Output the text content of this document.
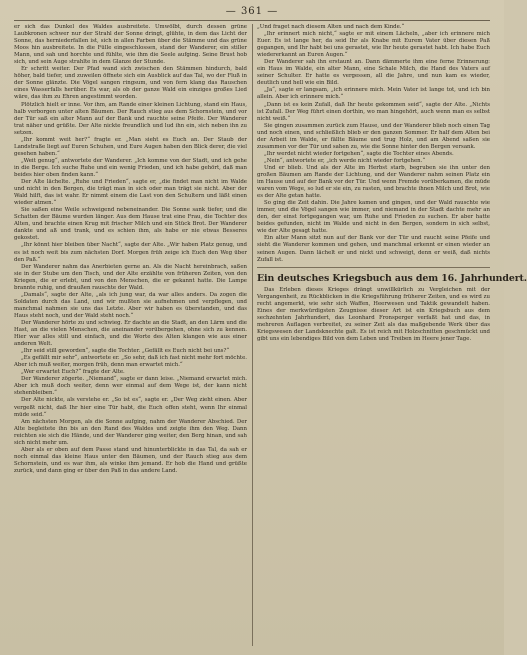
— 361 —

er sich das Dunkel des Waldes ausbreitete. Umwölbt, durch dessen grüne Laubkronen schwer nur der Strahl der Sonne dringt, glühte, in dem das Licht der Sonne, das herniederfallen ist, sich in allen Farben über die Stämme und das grüne Moos hin ausbreitete. In die Fülle eingeschlossen, stand der Wanderer, ein stiller Mann, und sah und horchte und fühlte, wie ihm die Seele aufging. Seine Brust hob sich, und sein Auge strahlte in dem Glanze der Stunde.

Er schritt weiter. Der Pfad wand sich zwischen den Stämmen hindurch, bald höher, bald tiefer, und zuweilen öffnete sich ein Ausblick auf das Tal, wo der Fluß in der Sonne glänzte. Die Vögel sangen ringsum, und von fern klang das Rauschen eines Wasserfalls herüber. Es war, als ob der ganze Wald ein einziges großes Lied wäre, das ihm zu Ehren angestimmt worden.

Plötzlich hielt er inne. Vor ihm, am Rande einer kleinen Lichtung, stand ein Haus, halb verborgen unter alten Bäumen. Der Rauch stieg aus dem Schornstein, und vor der Tür saß ein alter Mann auf der Bank und rauchte seine Pfeife. Der Wanderer trat näher und grüßte. Der Alte nickte freundlich und lud ihn ein, sich neben ihn zu setzen.

„Ihr kommt weit her?“ fragte er. „Man sieht es Euch an. Der Staub der Landstraße liegt auf Euren Schuhen, und Eure Augen haben den Blick derer, die viel gesehen haben.“

„Weit genug“, antwortete der Wanderer. „Ich komme von der Stadt, und ich gehe in die Berge. Ich suche Ruhe und ein wenig Frieden, und ich habe gehört, daß man beides hier oben finden kann.“

Der Alte lächelte. „Ruhe und Frieden“, sagte er, „die findet man nicht im Walde und nicht in den Bergen, die trägt man in sich oder man trägt sie nicht. Aber der Wald hilft, das ist wahr. Er nimmt einem die Last von den Schultern und läßt einen wieder atmen.“

Sie saßen eine Weile schweigend nebeneinander. Die Sonne sank tiefer, und die Schatten der Bäume wurden länger. Aus dem Hause trat eine Frau, die Tochter des Alten, und brachte einen Krug mit frischer Milch und ein Stück Brot. Der Wanderer dankte und aß und trank, und es schien ihm, als habe er nie etwas Besseres gekostet.

„Ihr könnt hier bleiben über Nacht“, sagte der Alte. „Wir haben Platz genug, und es ist noch weit bis zum nächsten Dorf. Morgen früh zeige ich Euch den Weg über den Paß.“

Der Wanderer nahm das Anerbieten gerne an. Als die Nacht hereinbrach, saßen sie in der Stube um den Tisch, und der Alte erzählte von früheren Zeiten, von den Kriegen, die er erlebt, und von den Menschen, die er gekannt hatte. Die Lampe brannte ruhig, und draußen rauschte der Wald.

„Damals“, sagte der Alte, „als ich jung war, da war alles anders. Da zogen die Soldaten durch das Land, und wir mußten sie aufnehmen und verpflegen, und manchmal nahmen sie uns das Letzte. Aber wir haben es überstanden, und das Haus steht noch, und der Wald steht noch.“

Der Wanderer hörte zu und schwieg. Er dachte an die Stadt, an den Lärm und die Hast, an die vielen Menschen, die aneinander vorübergehen, ohne sich zu kennen. Hier war alles still und einfach, und die Worte des Alten klangen wie aus einer anderen Welt.

„Ihr seid still geworden“, sagte die Tochter. „Gefällt es Euch nicht bei uns?“

„Es gefällt mir sehr“, antwortete er. „So sehr, daß ich fast nicht mehr fort möchte. Aber ich muß weiter, morgen früh, denn man erwartet mich.“

„Wer erwartet Euch?“ fragte der Alte.

Der Wanderer zögerte. „Niemand“, sagte er dann leise. „Niemand erwartet mich. Aber ich muß doch weiter, denn wer einmal auf dem Wege ist, der kann nicht stehenbleiben.“

Der Alte nickte, als verstehe er. „So ist es“, sagte er. „Der Weg zieht einen. Aber vergeßt nicht, daß Ihr hier eine Tür habt, die Euch offen steht, wenn Ihr einmal müde seid.“

Am nächsten Morgen, als die Sonne aufging, nahm der Wanderer Abschied. Der Alte begleitete ihn bis an den Rand des Waldes und zeigte ihm den Weg. Dann reichten sie sich die Hände, und der Wanderer ging weiter, den Berg hinan, und sah sich nicht mehr um.

Aber als er oben auf dem Passe stand und hinunterblickte in das Tal, da sah er noch einmal das kleine Haus unter den Bäumen, und der Rauch stieg aus dem Schornstein, und es war ihm, als winke ihm jemand. Er hob die Hand und grüßte zurück, und dann ging er über den Paß in das andere Land.

„Und fraget nach diesem Alten und nach dem Kinde.“

„Ihr erinnert mich nicht,“ sagte er mit einem Lächeln, „aber ich erinnere mich Euer. Es ist lange her, da seid Ihr als Knabe mit Eurem Vater über diesen Paß gegangen, und Ihr habt bei uns gerastet, wie Ihr heute gerastet habt. Ich habe Euch wiedererkannt an Euren Augen.“

Der Wanderer sah ihn erstaunt an. Dann dämmerte ihm eine ferne Erinnerung: ein Haus im Walde, ein alter Mann, eine Schale Milch, die Hand des Vaters auf seiner Schulter. Er hatte es vergessen, all die Jahre, und nun kam es wieder, deutlich und hell wie ein Bild.

„Ja“, sagte er langsam, „ich erinnere mich. Mein Vater ist lange tot, und ich bin allein. Aber ich erinnere mich.“

„Dann ist es kein Zufall, daß Ihr heute gekommen seid“, sagte der Alte. „Nichts ist Zufall. Der Weg führt einen dorthin, wo man hingehört, auch wenn man es selbst nicht weiß.“

Sie gingen zusammen zurück zum Hause, und der Wanderer blieb noch einen Tag und noch einen, und schließlich blieb er den ganzen Sommer. Er half dem Alten bei der Arbeit im Walde, er fällte Bäume und trug Holz, und am Abend saßen sie zusammen vor der Tür und sahen zu, wie die Sonne hinter den Bergen versank.

„Ihr werdet nicht wieder fortgehen“, sagte die Tochter eines Abends.

„Nein“, antwortete er, „ich werde nicht wieder fortgehen.“

Und er blieb. Und als der Alte im Herbst starb, begruben sie ihn unter den großen Bäumen am Rande der Lichtung, und der Wanderer nahm seinen Platz ein im Hause und auf der Bank vor der Tür. Und wenn Fremde vorüberkamen, die müde waren vom Wege, so lud er sie ein, zu rasten, und brachte ihnen Milch und Brot, wie es der Alte getan hatte.

So ging die Zeit dahin. Die Jahre kamen und gingen, und der Wald rauschte wie immer, und die Vögel sangen wie immer, und niemand in der Stadt dachte mehr an den, der einst fortgegangen war, um Ruhe und Frieden zu suchen. Er aber hatte beides gefunden, nicht im Walde und nicht in den Bergen, sondern in sich selbst, wie der Alte gesagt hatte.

Ein alter Mann sitzt nun auf der Bank vor der Tür und raucht seine Pfeife und sieht die Wanderer kommen und gehen, und manchmal erkennt er einen wieder an seinen Augen. Dann lächelt er und nickt und schweigt, denn er weiß, daß nichts Zufall ist.

Ein deutsches Kriegsbuch aus dem 16. Jahrhundert.

Das Erleben dieses Krieges drängt unwillkürlich zu Vergleichen mit der Vergangenheit, zu Rückblicken in die Kriegsführung früherer Zeiten, und es wird zu recht angemerkt, wie sehr sich Waffen, Heerwesen und Taktik gewandelt haben. Eines der merkwürdigsten Zeugnisse dieser Art ist ein Kriegsbuch aus dem sechzehnten Jahrhundert, das Leonhard Fronsperger verfaßt hat und das, in mehreren Auflagen verbreitet, zu seiner Zeit als das maßgebende Werk über das Kriegswesen der Landsknechte galt. Es ist reich mit Holzschnitten geschmückt und gibt uns ein lebendiges Bild von dem Leben und Treiben im Heere jener Tage.
